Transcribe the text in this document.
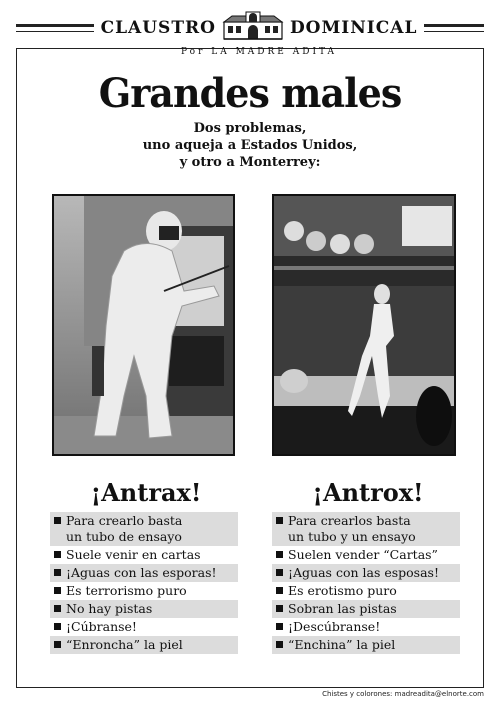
CLAUSTRO	DOMINICAL
Por LA MADRE ADITA
Grandes males
Dos problemas,
uno aqueja a Estados Unidos,
y otro a Monterrey:
¡Antrax!	¡Antrox!
Para crearlo basta
un tubo de ensayo
Suele venir en cartas
¡Aguas con las esporas!
Es terrorismo puro
No hay pistas
¡Cúbranse!
“Enroncha” la piel
Para crearlos basta
un tubo y un ensayo
Suelen vender “Cartas”
¡Aguas con las esposas!
Es erotismo puro
Sobran las pistas
¡Descúbranse!
“Enchina” la piel
Chistes y colorones: madreadita@elnorte.com
